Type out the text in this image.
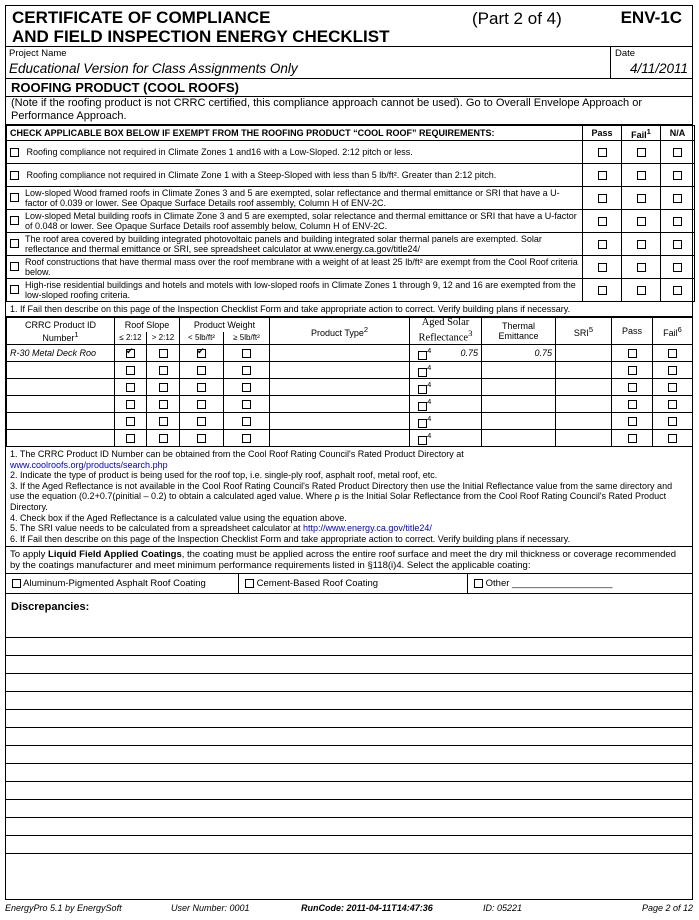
CERTIFICATE OF COMPLIANCE
AND FIELD INSPECTION ENERGY CHECKLIST
(Part 2 of 4)	ENV-1C
Project Name
Educational Version for Class Assignments Only
Date
4/11/2011
ROOFING PRODUCT (COOL ROOFS)
(Note if the roofing product is not CRRC certified, this compliance approach cannot be used). Go to Overall Envelope Approach or Performance Approach.
CHECK APPLICABLE BOX BELOW IF EXEMPT FROM THE ROOFING PRODUCT “COOL ROOF” REQUIREMENTS:	Pass	Fail$^1$	N/A
Roofing compliance not required in Climate Zones 1 and16 with a Low-Sloped. 2:12 pitch or less.			
Roofing compliance not required in Climate Zone 1 with a Steep-Sloped with less than 5 lb/ft². Greater than 2:12 pitch.			

Low-sloped Wood framed roofs in Climate Zones 3 and 5 are exempted, solar reflectance and thermal emittance or SRI that have a U-factor of 0.039 or lower. See Opaque Surface Details roof assembly, Column H of ENV-2C.			

Low-sloped Metal building roofs in Climate Zone 3 and 5 are exempted, solar relectance and thermal emittance or SRI that have a U-factor of 0.048 or lower. See Opaque Surface Details roof assembly below, Column H of ENV-2C.			

The roof area covered by building integrated photovoltaic panels and building integrated solar thermal panels are exempted. Solar reflectance and thermal emittance or SRI, see spreadsheet calculator at www.energy.ca.gov/title24/			

Roof constructions that have thermal mass over the roof membrane with a weight of at least 25 lb/ft² are exempt from the Cool Roof criteria below.			

High-rise residential buildings and hotels and motels with low-sloped roofs in Climate Zones 1 through 9, 12 and 16 are exempted from the low-sloped roofing criteria.			
1. If Fail then describe on this page of the Inspection Checklist Form and take appropriate action to correct. Verify building plans if necessary.
CRRC Product ID Number$^1$	Roof Slope		Product Weight		Product Type$^2$	Aged Solar Reflectance$^3$		Thermal Emittance	SRI$^5$	Pass	Fail$^6$
	≤ 2:12	> 2:12	< 5lb/ft²	≥ 5lb/ft²							
R-30 Metal Deck Roo	✔		✔			$^4$	0.75	0.75			
						$^4$					
						$^4$					
						$^4$					
						$^4$					
						$^4$					
1. The CRRC Product ID Number can be obtained from the Cool Roof Rating Council's Rated Product Directory at
www.coolroofs.org/products/search.php
2. Indicate the type of product is being used for the roof top, i.e. single-ply roof, asphalt roof, metal roof, etc.
3. If the Aged Reflectance is not available in the Cool Roof Rating Council's Rated Product Directory then use the Initial Reflectance value from the same directory and use the equation (0.2+0.7(ρinitial – 0.2) to obtain a calculated aged value. Where ρ is the Initial Solar Reflectance from the Cool Roof Rating Council's Rated Product Directory.
4. Check box if the Aged Reflectance is a calculated value using the equation above.
5. The SRI value needs to be calculated from a spreadsheet calculator at http://www.energy.ca.gov/title24/
6. If Fail then describe on this page of the Inspection Checklist Form and take appropriate action to correct. Verify building plans if necessary.
To apply Liquid Field Applied Coatings, the coating must be applied across the entire roof surface and meet the dry mil thickness or coverage recommended by the coatings manufacturer and meet minimum performance requirements listed in §118(i)4. Select the applicable coating:
Aluminum-Pigmented Asphalt Roof Coating	Cement-Based Roof Coating	Other ___________________
Discrepancies:
EnergyPro 5.1 by EnergySoft	User Number: 0001	RunCode: 2011-04-11T14:47:36	ID: 05221	Page 2 of 12
